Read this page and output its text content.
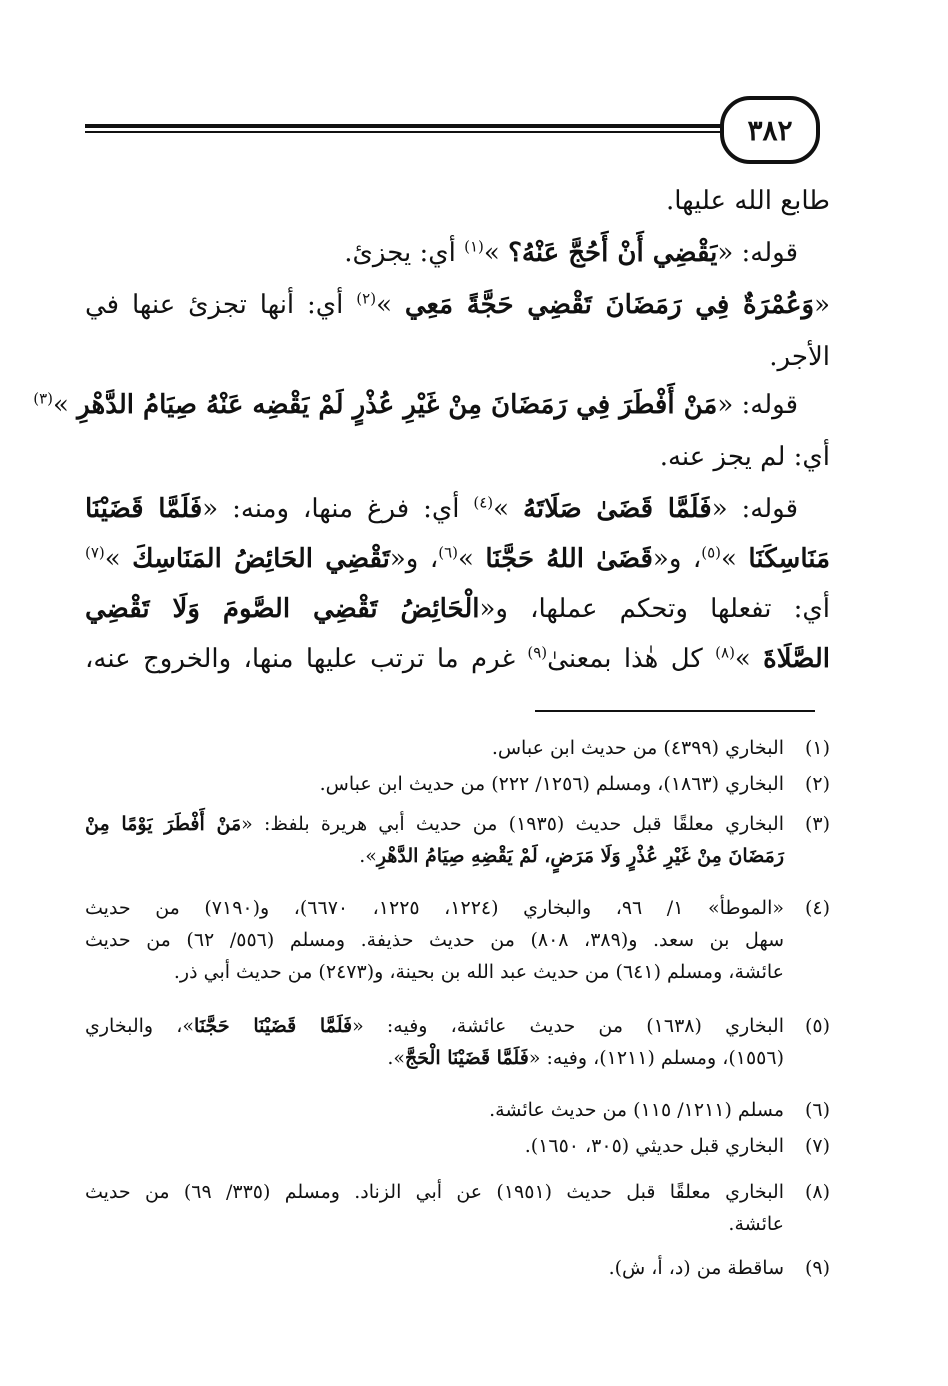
٣٨٢
طابع الله عليها.
قوله: «يَقْضِي أَنْ أَحُجَّ عَنْهُ؟ »$^{(١)}$ أي: يجزئ.
«وَعُمْرَةٌ فِي رَمَضَانَ تَقْضِي حَجَّةً مَعِي »$^{(٢)}$ أي: أنها تجزئ عنها في
الأجر.
قوله: «مَنْ أَفْطَرَ فِي رَمَضَانَ مِنْ غَيْرِ عُذْرٍ لَمْ يَقْضِه عَنْهُ صِيَامُ الدَّهْرِ »$^{(٣)}$
أي: لم يجز عنه.
قوله: «فَلَمَّا قَضَىٰ صَلَاتَهُ »$^{(٤)}$ أي: فرغ منها، ومنه: «فَلَمَّا قَضَيْنَا
مَنَاسِكَنَا »$^{(٥)}$، و«قَضَىٰ اللهُ حَجَّنَا »$^{(٦)}$، و«تَقْضِي الحَائِضُ المَنَاسِكَ »$^{(٧)}$
أي: تفعلها وتحكم عملها، و«الْحَائِضُ تَقْضِي الصَّومَ وَلَا تَقْضِي
الصَّلَاةَ »$^{(٨)}$ كل هٰذا بمعنىٰ$^{(٩)}$ غرم ما ترتب عليها منها، والخروج عنه،
(١)
البخاري (٤٣٩٩) من حديث ابن عباس.
(٢)
البخاري (١٨٦٣)، ومسلم (١٢٥٦/ ٢٢٢) من حديث ابن عباس.
(٣)
البخاري معلقًا قبل حديث (١٩٣٥) من حديث أبي هريرة بلفظ: «مَنْ أَفْطَرَ يَوْمًا مِنْ
رَمَضَانَ مِنْ غَيْرِ عُذْرٍ وَلَا مَرَضٍ، لَمْ يَقْضِهِ صِيَامُ الدَّهْرِ».
(٤)
«الموطأ» ١/ ٩٦، والبخاري (١٢٢٤، ١٢٢٥، ٦٦٧٠)، و(٧١٩٠) من حديث
سهل بن سعد. و(٣٨٩، ٨٠٨) من حديث حذيفة. ومسلم (٥٥٦/ ٦٢) من حديث
عائشة، ومسلم (٦٤١) من حديث عبد الله بن بحينة، و(٢٤٧٣) من حديث أبي ذر.
(٥)
البخاري (١٦٣٨) من حديث عائشة، وفيه: «فَلَمَّا قَضَيْنَا حَجَّنَا»، والبخاري
(١٥٥٦)، ومسلم (١٢١١)، وفيه: «فَلَمَّا قَضَيْنَا الْحَجَّ».
(٦)
مسلم (١٢١١/ ١١٥) من حديث عائشة.
(٧)
البخاري قبل حديثي (٣٠٥، ١٦٥٠).
(٨)
البخاري معلقًا قبل حديث (١٩٥١) عن أبي الزناد. ومسلم (٣٣٥/ ٦٩) من حديث
عائشة.
(٩)
ساقطة من (د، أ، ش).
